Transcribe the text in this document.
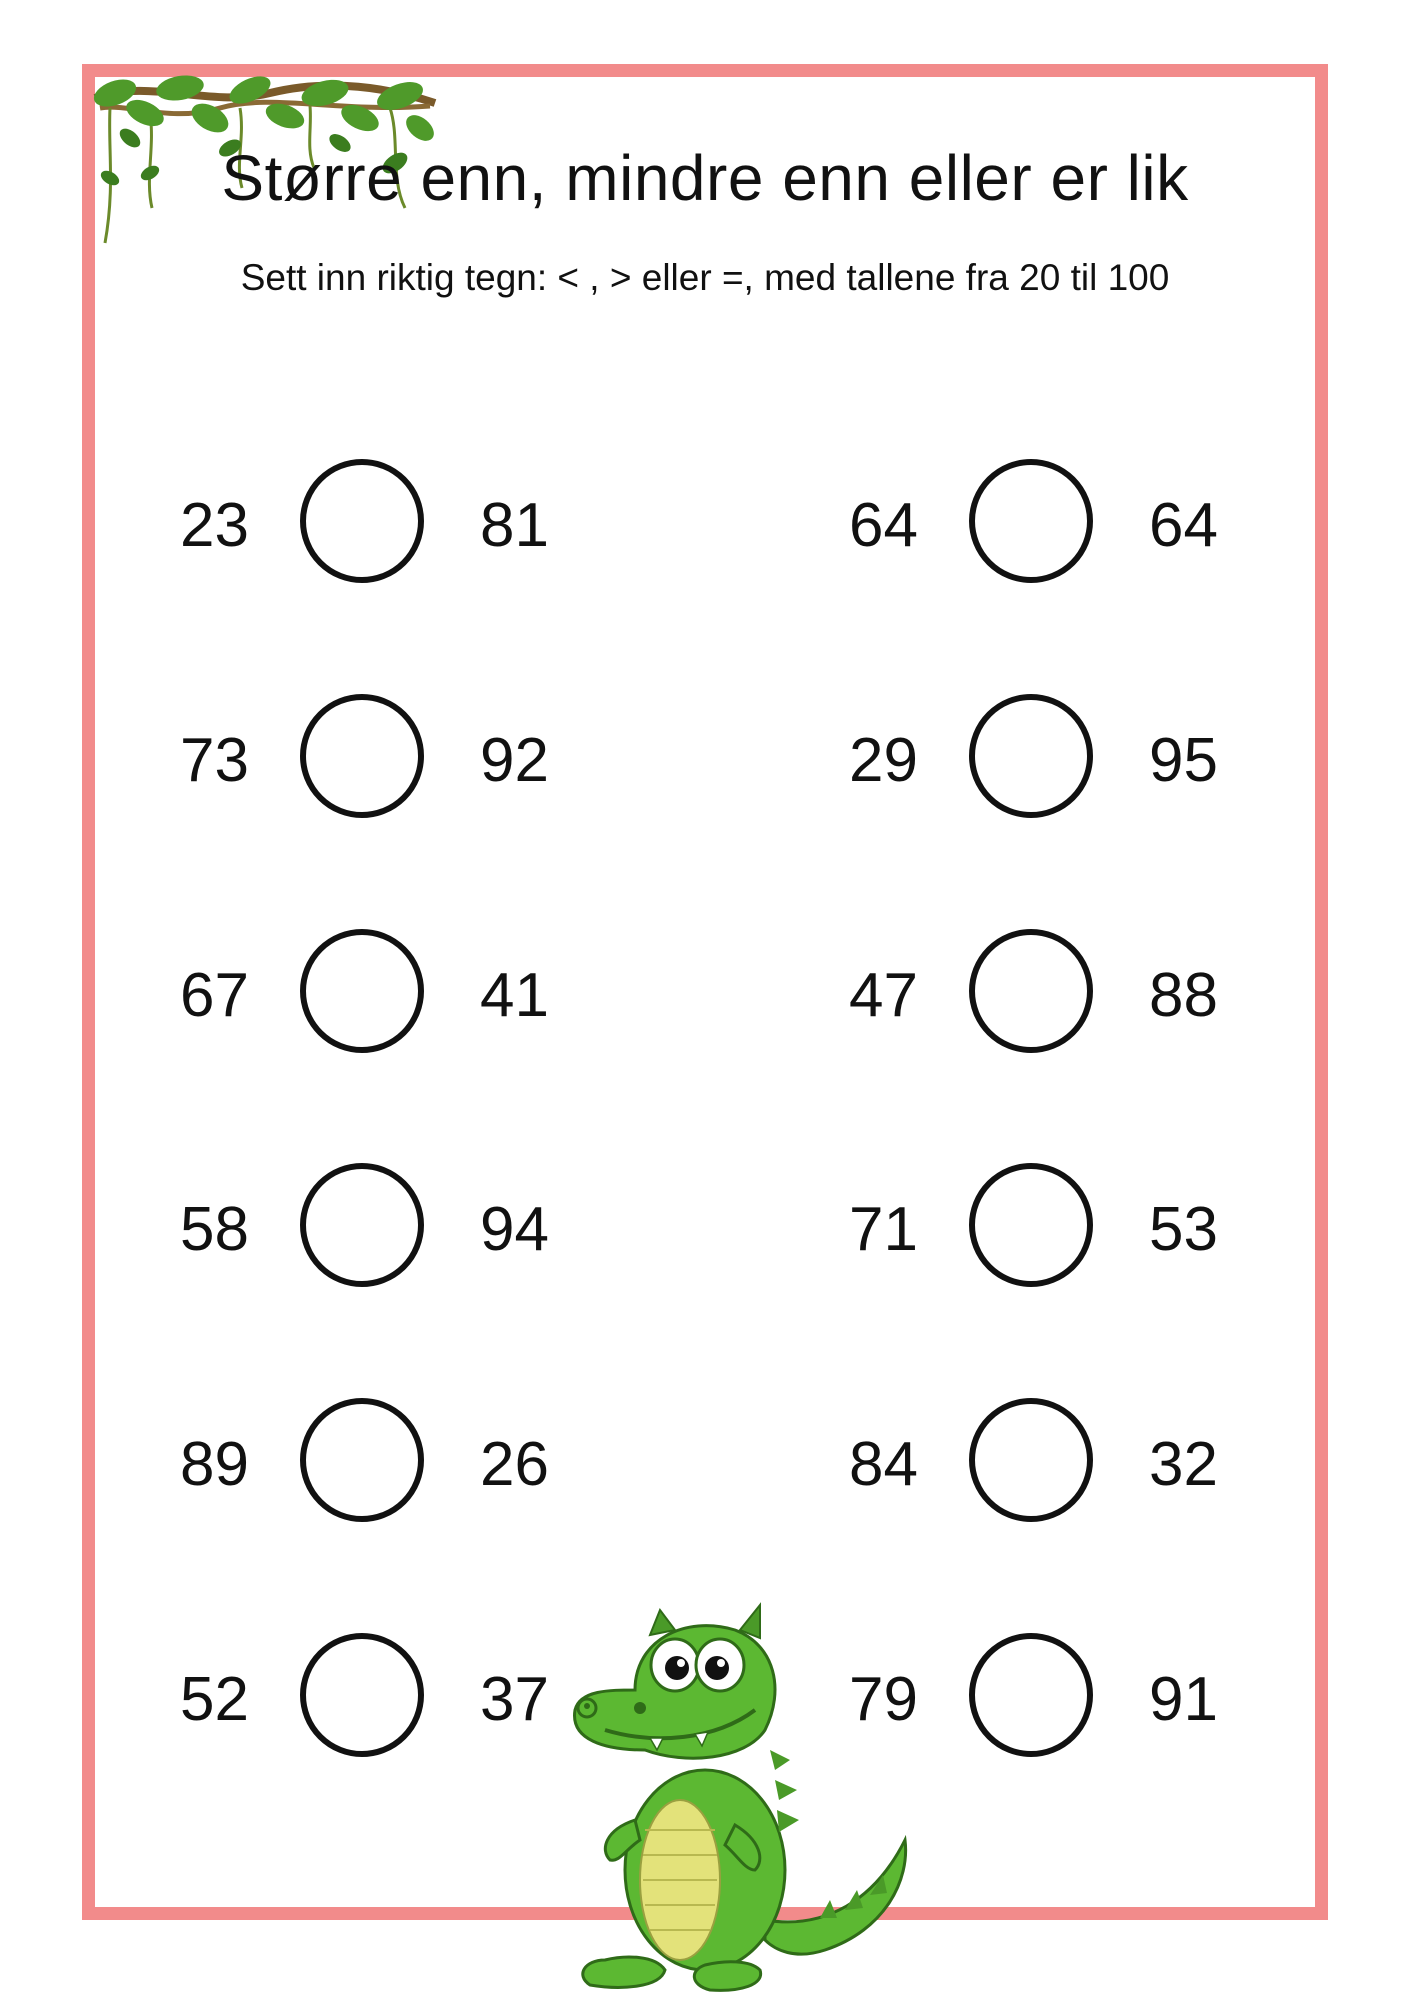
Større enn, mindre enn eller er lik
Sett inn riktig tegn: < , > eller =, med tallene fra 20 til 100
23	81
73	92
67	41
58	94
89	26
52	37
64	64
29	95
47	88
71	53
84	32
79	91
